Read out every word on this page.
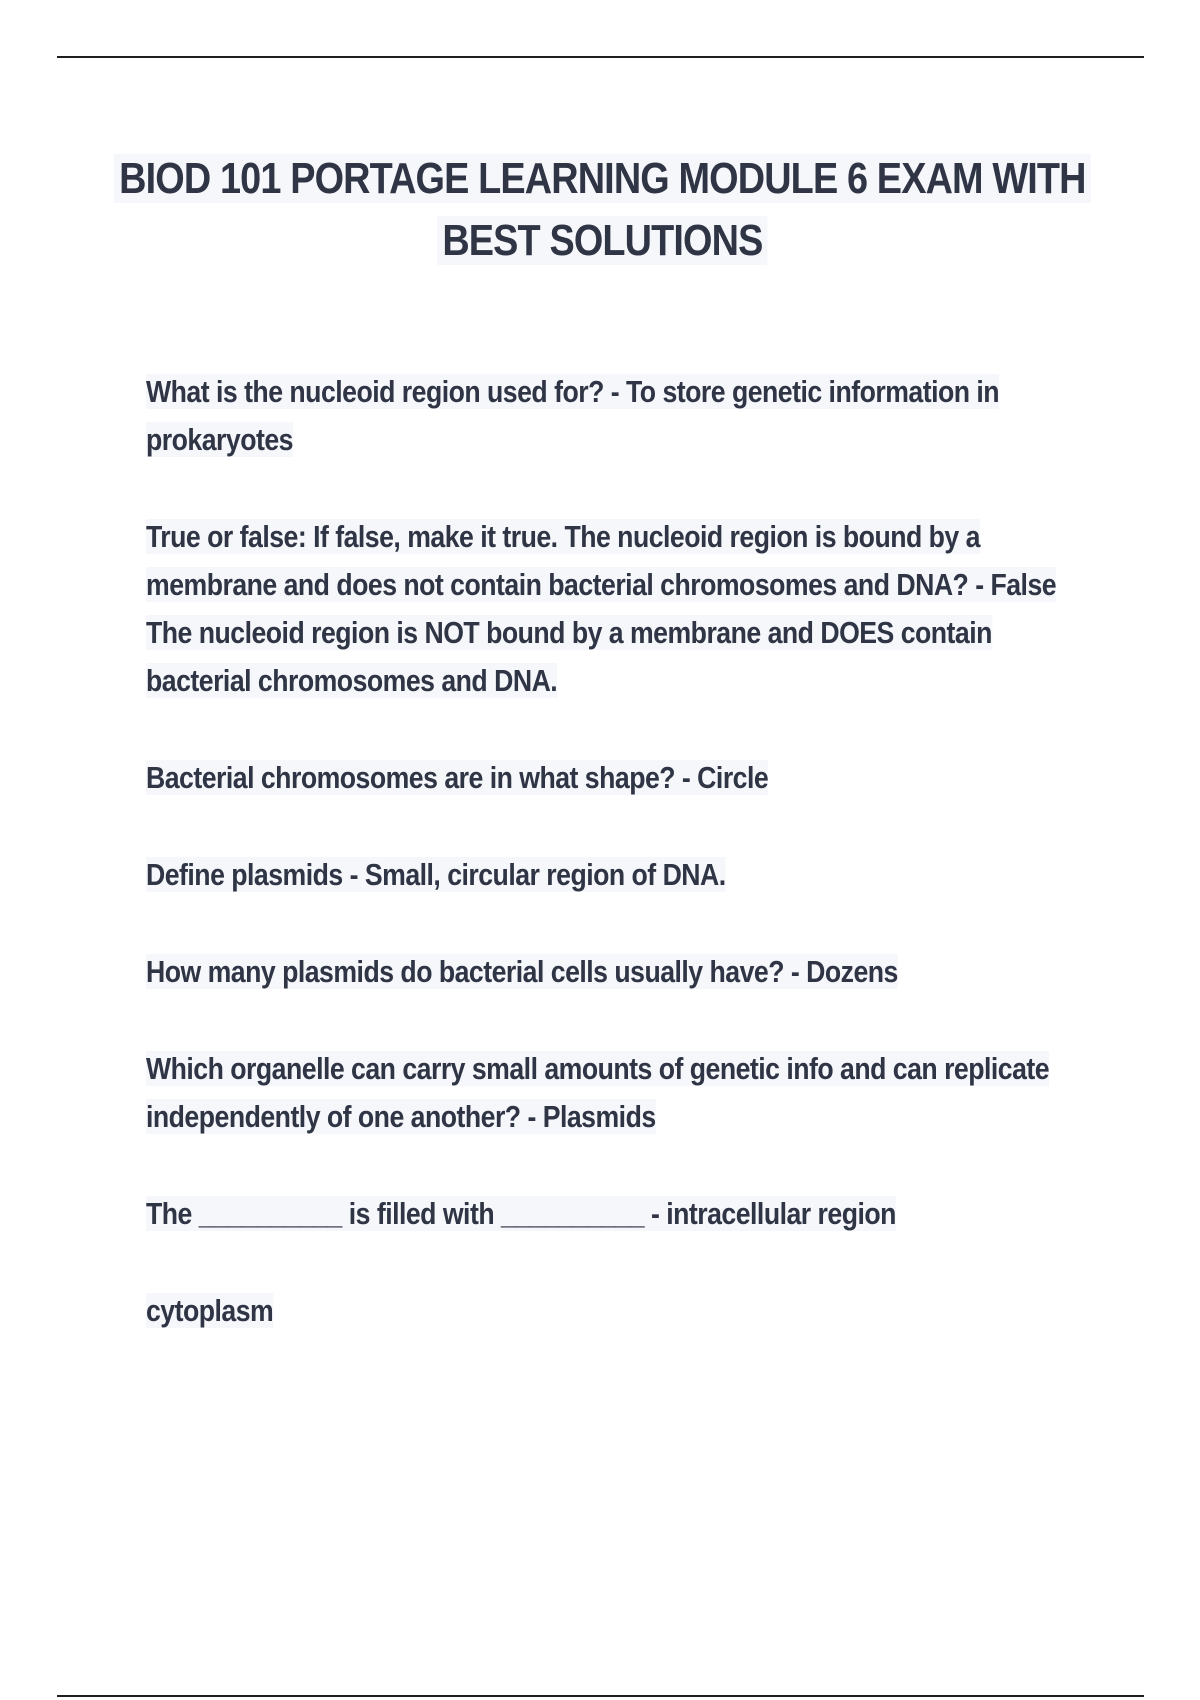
BIOD 101 PORTAGE LEARNING MODULE 6 EXAM WITH BEST SOLUTIONS

What is the nucleoid region used for? - To store genetic information in prokaryotes

True or false: If false, make it true. The nucleoid region is bound by a membrane and does not contain bacterial chromosomes and DNA? - False The nucleoid region is NOT bound by a membrane and DOES contain bacterial chromosomes and DNA.

Bacterial chromosomes are in what shape? - Circle

Define plasmids - Small, circular region of DNA.

How many plasmids do bacterial cells usually have? - Dozens

Which organelle can carry small amounts of genetic info and can replicate independently of one another? - Plasmids

The __________ is filled with __________ - intracellular region

cytoplasm
